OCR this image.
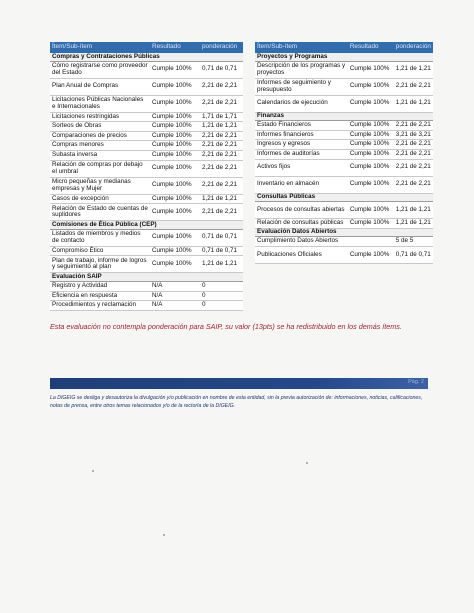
Ítem/Sub-ítem	Resultado	ponderación
Compras y Contrataciones Públicas		
Cómo registrarse como proveedor del Estado	Cumple 100%	0,71 de 0,71
Plan Anual de Compras	Cumple 100%	2,21 de 2,21
Licitaciones Públicas Nacionales e Internacionales	Cumple 100%	2,21 de 2,21
Licitaciones restringidas	Cumple 100%	1,71 de 1,71
Sorteos de Obras	Cumple 100%	1,21 de 1,21
Comparaciones de precios	Cumple 100%	2,21 de 2,21
Compras menores	Cumple 100%	2,21 de 2,21
Subasta inversa	Cumple 100%	2,21 de 2,21
Relación de compras por debajo el umbral	Cumple 100%	2,21 de 2,21
Micro pequeñas y medianas empresas y Mujer	Cumple 100%	2,21 de 2,21
Casos de excepción	Cumple 100%	1,21 de 1,21
Relación de Estado de cuentas de suplidores	Cumple 100%	2,21 de 2,21
Comisiones de Ética Pública (CEP)		
Listados de miembros y medios de contacto	Cumple 100%	0,71 de 0,71
Compromiso Ético	Cumple 100%	0,71 de 0,71
Plan de trabajo, informe de logros y seguimiento al plan	Cumple 100%	1,21 de 1,21
Evaluación SAIP		
Registro y Actividad	N/A	0
Eficiencia en respuesta	N/A	0
Procedimientos y reclamación	N/A	0
Ítem/Sub-ítem	Resultado	ponderación
Proyectos y Programas		
Descripción de los programas y proyectos	Cumple 100%	1,21 de 1,21
Informes de seguimiento y presupuesto	Cumple 100%	2,21 de 2,21
Calendarios de ejecución	Cumple 100%	1,21 de 1,21
Finanzas		
Estado Financieros	Cumple 100%	2,21 de 2,21
Informes financieros	Cumple 100%	3,21 de 3,21
Ingresos y egresos	Cumple 100%	2,21 de 2,21
Informes de auditorías	Cumple 100%	2,21 de 2,21
Activos fijos	Cumple 100%	2,21 de 2,21
Inventario en almacén	Cumple 100%	2,21 de 2,21
Consultas Públicas		
Procesos de consultas abiertas	Cumple 100%	1,21 de 1,21
Relación de consultas públicas	Cumple 100%	1,21 de 1,21
Evaluación Datos Abiertos		
Cumplimiento Datos Abiertos		5 de 5
Publicaciones Oficiales	Cumple 100%	0,71 de 0,71
Esta evaluación no contempla ponderación para SAIP, su valor (13pts) se ha redistribuido en los demás ítems.
Pág. 2
La DIGEIG se desliga y desautoriza la divulgación y/o publicación en nombre de esta entidad, sin la previa autorización de: informaciones, noticias, calificaciones, notas de prensa, entre otros temas relacionados y/o de la rectoría de la DIGEIG.
